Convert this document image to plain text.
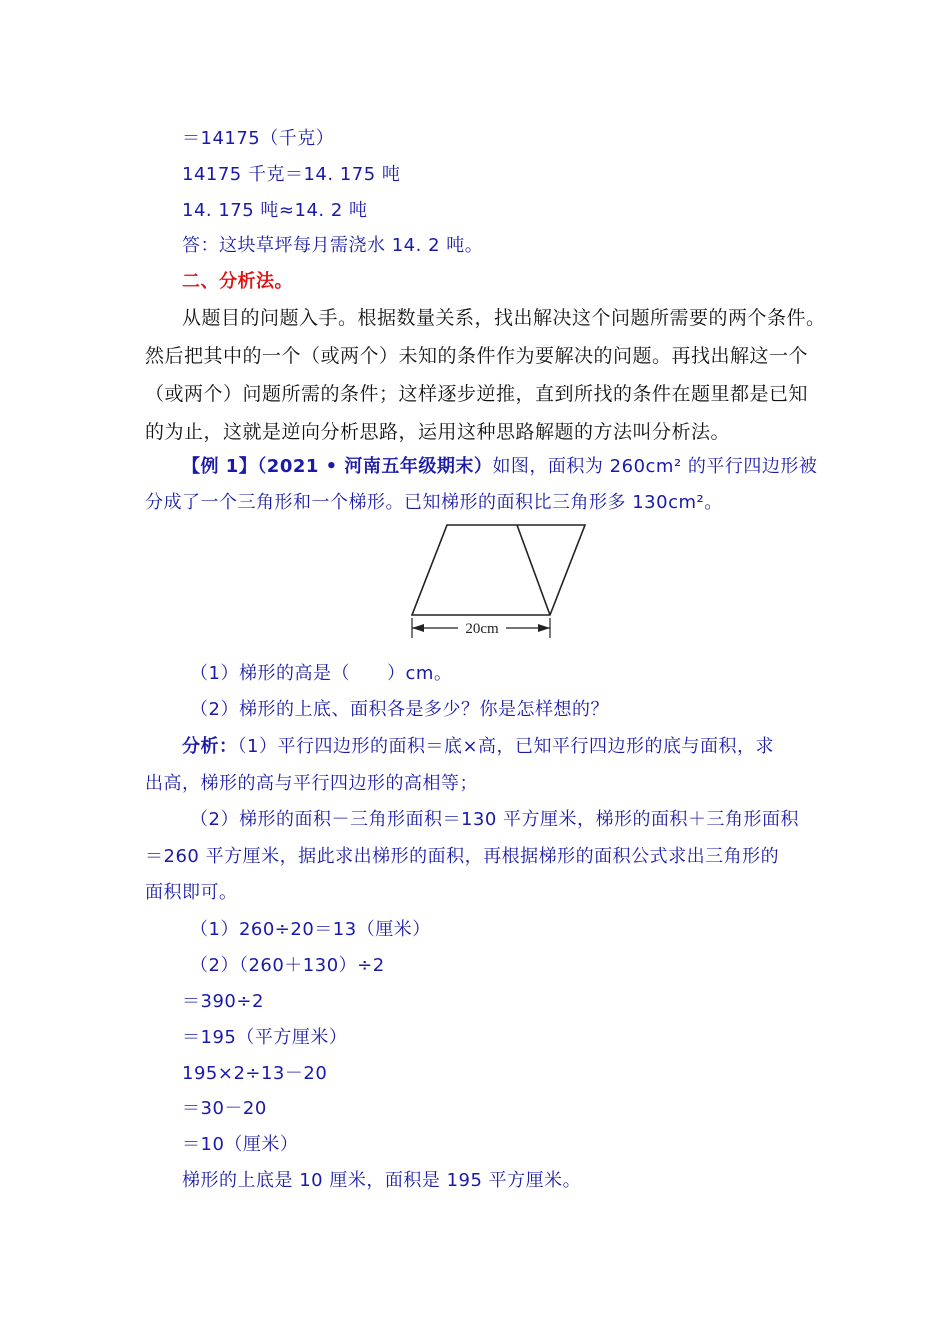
＝14175（千克）
14175 千克＝14. 175 吨
14. 175 吨≈14. 2 吨
答：这块草坪每月需浇水 14. 2 吨。
二、分析法。
从题目的问题入手。根据数量关系，找出解决这个问题所需要的两个条件。
然后把其中的一个（或两个）未知的条件作为要解决的问题。再找出解这一个
（或两个）问题所需的条件；这样逐步逆推，直到所找的条件在题里都是已知
的为止，这就是逆向分析思路，运用这种思路解题的方法叫分析法。
【例 1】（2021 • 河南五年级期末）如图，面积为 260cm² 的平行四边形被
分成了一个三角形和一个梯形。已知梯形的面积比三角形多 130cm²。
20cm
（1）梯形的高是（　　）cm。
（2）梯形的上底、面积各是多少？你是怎样想的？
分析：（1）平行四边形的面积＝底×高，已知平行四边形的底与面积，求
出高，梯形的高与平行四边形的高相等；
（2）梯形的面积－三角形面积＝130 平方厘米，梯形的面积＋三角形面积
＝260 平方厘米，据此求出梯形的面积，再根据梯形的面积公式求出三角形的
面积即可。
（1）260÷20＝13（厘米）
（2）（260＋130）÷2
＝390÷2
＝195（平方厘米）
195×2÷13－20
＝30－20
＝10（厘米）
梯形的上底是 10 厘米，面积是 195 平方厘米。
